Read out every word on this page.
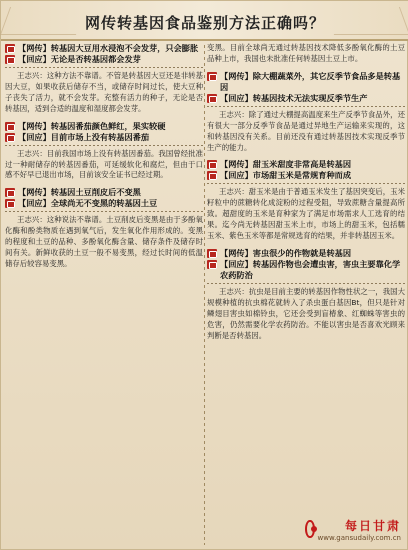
网传转基因食品鉴别方法正确吗？
【网传】转基因大豆用水浸泡不会发芽，只会膨胀
【回应】无论是否转基因都会发芽

王志兴：这种方法不靠谱。不管是转基因大豆还是非转基因大豆，如果收获后储存不当，或储存时间过长，使大豆种子丧失了活力，就不会发芽。充整有活力的种子，无论是否转基因，适到合适的温度和湿度都会发芽。

【网传】转基因番茄颜色鲜红，果实较硬
【回应】目前市场上没有转基因番茄

王志兴：目前我国市场上没有转基因番茄。我国曾经批准过一种耐储存的转基因番茄，可延缓软化和腐烂，但由于口感不好早已退出市场，目前该安全证书已经过期。

【网传】转基因土豆削皮后不变黑
【回应】全球尚无不变黑的转基因土豆

王志兴：这种说法不靠谱。土豆削皮后变黑是由于多酚氧化酶和酚类物质在遇到氧气后，发生氧化作用形成的。变黑的程度和土豆的品种、多酚氧化酶含量、储存条件及储存时间有关。新鲜收获的土豆一般不易变黑，经过长时间的低温储存后较容易变黑。

变黑。目前全球尚无通过转基因技术降低多酚氧化酶的土豆品种上市，我国也未批准任何转基因土豆上市。

【网传】除大棚蔬菜外，其它反季节食品多是转基因
【回应】转基因技术无法实现反季节生产

王志兴：除了通过大棚提高温度来生产反季节食品外，还有很大一部分反季节食品是通过异地生产运输来实现的，这和转基因没有关系。目前还没有通过转基因技术实现反季节生产的能力。

【网传】甜玉米甜度非常高是转基因
【回应】市场甜玉米是常规育种而成

王志兴：甜玉米是由于普通玉米发生了基因突变后，玉米籽粒中的蔗糖转化成淀粉的过程受阻，导致蔗糖含量提高所致。超甜度的玉米是育种家为了满足市场需求人工选育的结果。迄今尚无转基因甜玉米上市，市场上的甜玉米，包括糯玉米、紫色玉米等都是常规选育的结果，并非转基因玉米。

【网传】害虫很少的作物就是转基因
【回应】转基因作物也会遭虫害，害虫主要靠化学农药防治

王志兴：抗虫是目前主要的转基因作物性状之一，我国大规模种植的抗虫棉花就转入了杀虫蛋白基因Bt，但只是针对鳞翅目害虫如棉铃虫，它还会受到盲椿象、红蜘蛛等害虫的危害，仍然需要化学农药防治。不能以害虫是否喜欢光顾来判断是否转基因。

每日甘肃
www.gansudaily.com.cn
